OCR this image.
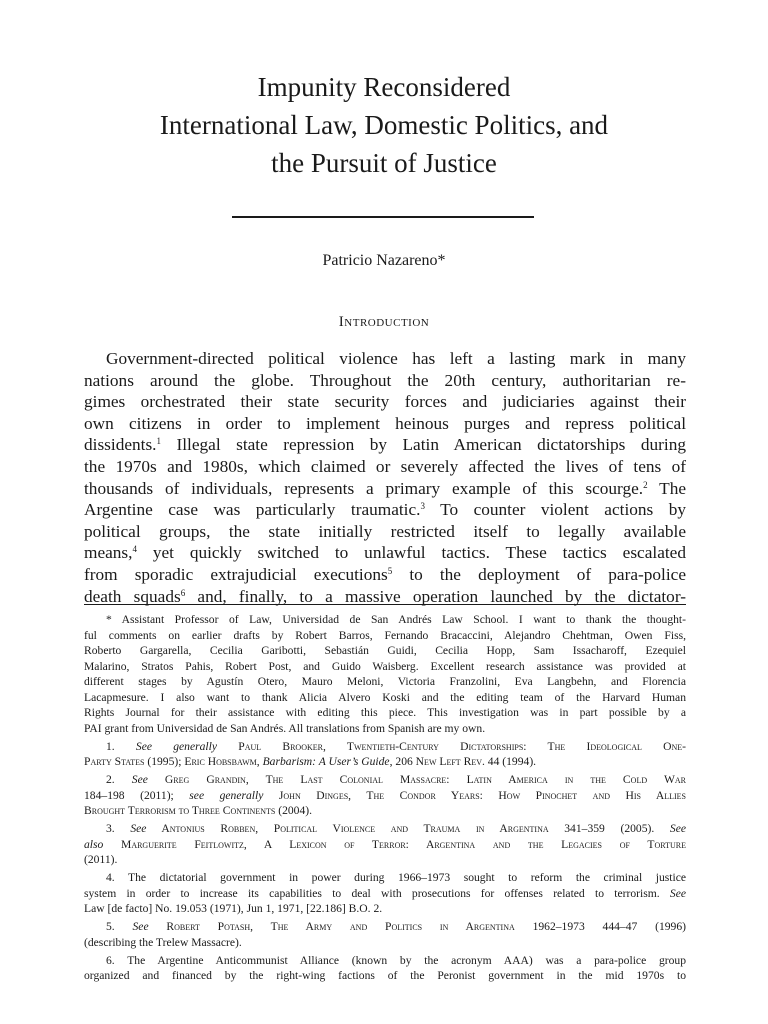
Impunity Reconsidered
International Law, Domestic Politics, and
the Pursuit of Justice
Patricio Nazareno*
Introduction
Government-directed political violence has left a lasting mark in many
nations around the globe. Throughout the 20th century, authoritarian re-
gimes orchestrated their state security forces and judiciaries against their
own citizens in order to implement heinous purges and repress political
dissidents.$^1$ Illegal state repression by Latin American dictatorships during
the 1970s and 1980s, which claimed or severely affected the lives of tens of
thousands of individuals, represents a primary example of this scourge.$^2$ The
Argentine case was particularly traumatic.$^3$ To counter violent actions by
political groups, the state initially restricted itself to legally available
means,$^4$ yet quickly switched to unlawful tactics. These tactics escalated
from sporadic extrajudicial executions$^5$ to the deployment of para-police
death squads$^6$ and, finally, to a massive operation launched by the dictator-
* Assistant Professor of Law, Universidad de San Andrés Law School. I want to thank the thought-
ful comments on earlier drafts by Robert Barros, Fernando Bracaccini, Alejandro Chehtman, Owen Fiss,
Roberto Gargarella, Cecilia Garibotti, Sebastián Guidi, Cecilia Hopp, Sam Issacharoff, Ezequiel
Malarino, Stratos Pahis, Robert Post, and Guido Waisberg. Excellent research assistance was provided at
different stages by Agustín Otero, Mauro Meloni, Victoria Franzolini, Eva Langbehn, and Florencia
Lacapmesure. I also want to thank Alicia Alvero Koski and the editing team of the Harvard Human
Rights Journal for their assistance with editing this piece. This investigation was in part possible by a
PAI grant from Universidad de San Andrés. All translations from Spanish are my own.
1. See generally Paul Brooker, Twentieth-Century Dictatorships: The Ideological One-
Party States (1995); Eric Hobsbawm, Barbarism: A User’s Guide, 206 New Left Rev. 44 (1994).
2. See Greg Grandin, The Last Colonial Massacre: Latin America in the Cold War
184–198 (2011); see generally John Dinges, The Condor Years: How Pinochet and His Allies
Brought Terrorism to Three Continents (2004).
3. See Antonius Robben, Political Violence and Trauma in Argentina 341–359 (2005). See
also Marguerite Feitlowitz, A Lexicon of Terror: Argentina and the Legacies of Torture
(2011).
4. The dictatorial government in power during 1966–1973 sought to reform the criminal justice
system in order to increase its capabilities to deal with prosecutions for offenses related to terrorism. See
Law [de facto] No. 19.053 (1971), Jun 1, 1971, [22.186] B.O. 2.
5. See Robert Potash, The Army and Politics in Argentina 1962–1973 444–47 (1996)
(describing the Trelew Massacre).
6. The Argentine Anticommunist Alliance (known by the acronym AAA) was a para-police group
organized and financed by the right-wing factions of the Peronist government in the mid 1970s to
